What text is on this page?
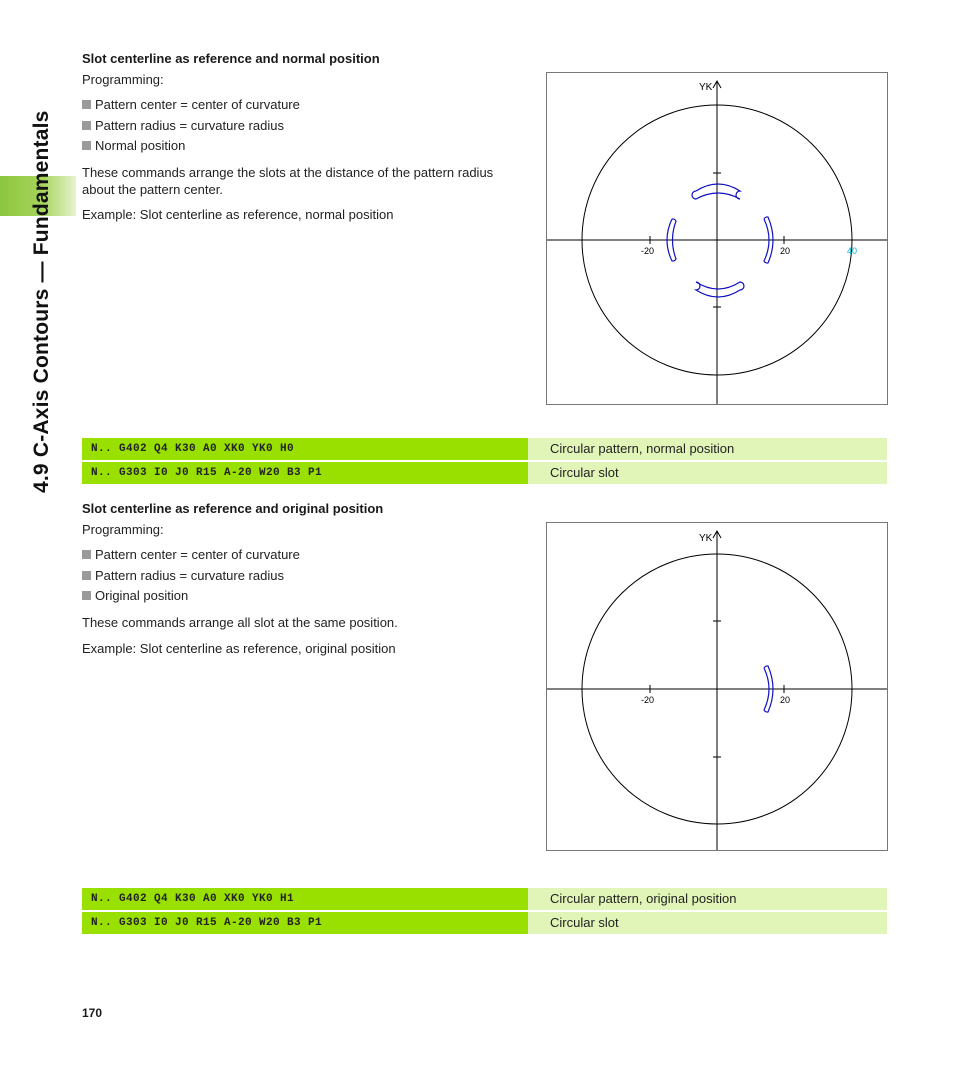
4.9 C-Axis Contours — Fundamentals
Slot centerline as reference and normal position
Programming:
Pattern center = center of curvature
Pattern radius = curvature radius
Normal position
These commands arrange the slots at the distance of the pattern radius about the pattern center.
Example: Slot centerline as reference, normal position
YK
-20	20	40
N.. G402 Q4 K30 A0 XK0 YK0 H0	Circular pattern, normal position
N.. G303 I0 J0 R15 A-20 W20 B3 P1	Circular slot
Slot centerline as reference and original position
Programming:
Pattern center = center of curvature
Pattern radius = curvature radius
Original position
These commands arrange all slot at the same position.
Example: Slot centerline as reference, original position
YK
-20	20
N.. G402 Q4 K30 A0 XK0 YK0 H1	Circular pattern, original position
N.. G303 I0 J0 R15 A-20 W20 B3 P1	Circular slot
170
